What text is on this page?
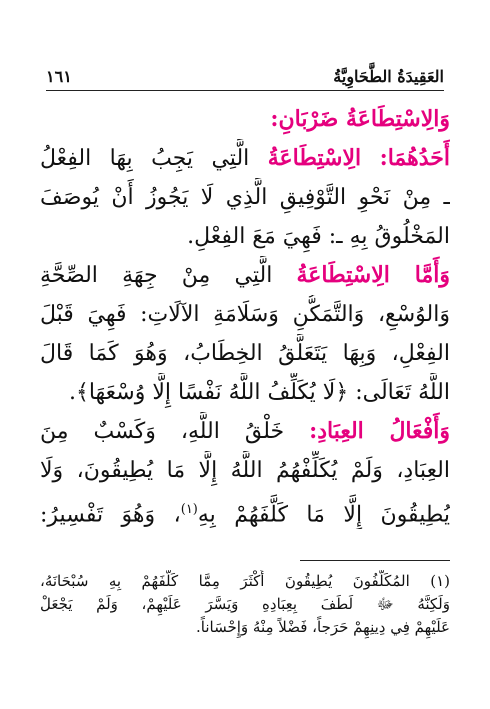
العَقِيدَةُ الطَّحَاوِيَّةُ
١٦١
وَالِاسْتِطَاعَةُ ضَرْبَانِ:
أَحَدُهُمَا: الِاسْتِطَاعَةُ الَّتِي يَجِبُ بِهَا الفِعْلُ
ـ مِنْ نَحْوِ التَّوْفِيقِ الَّذِي لَا يَجُوزُ أَنْ يُوصَفَ
المَخْلُوقُ بِهِ ـ: فَهِيَ مَعَ الفِعْلِ.
وَأَمَّا الِاسْتِطَاعَةُ الَّتِي مِنْ جِهَةِ الصِّحَّةِ
وَالوُسْعِ، وَالتَّمَكُّنِ وَسَلَامَةِ الآلَاتِ: فَهِيَ قَبْلَ
الفِعْلِ، وَبِهَا يَتَعَلَّقُ الخِطَابُ، وَهُوَ كَمَا قَالَ
اللَّهُ تَعَالَى: ﴿لَا يُكَلِّفُ اللَّهُ نَفْسًا إِلَّا وُسْعَهَا﴾.
وَأَفْعَالُ العِبَادِ: خَلْقُ اللَّهِ، وَكَسْبٌ مِنَ
العِبَادِ، وَلَمْ يُكَلِّفْهُمُ اللَّهُ إِلَّا مَا يُطِيقُونَ، وَلَا
يُطِيقُونَ إِلَّا مَا كَلَّفَهُمْ بِهِ$^{(١)}$، وَهُوَ تَفْسِيرُ:
(١) المُكَلَّفُونَ يُطِيقُونَ أَكْثَرَ مِمَّا كَلَّفَهُمْ بِهِ سُبْحَانَهُ،
وَلَكِنَّهُ ﷻ لَطَفَ بِعِبَادِهِ وَيَسَّرَ عَلَيْهِمْ، وَلَمْ يَجْعَلْ
عَلَيْهِمْ فِي دِينِهِمْ حَرَجاً، فَضْلاً مِنْهُ وَإِحْسَاناً.
